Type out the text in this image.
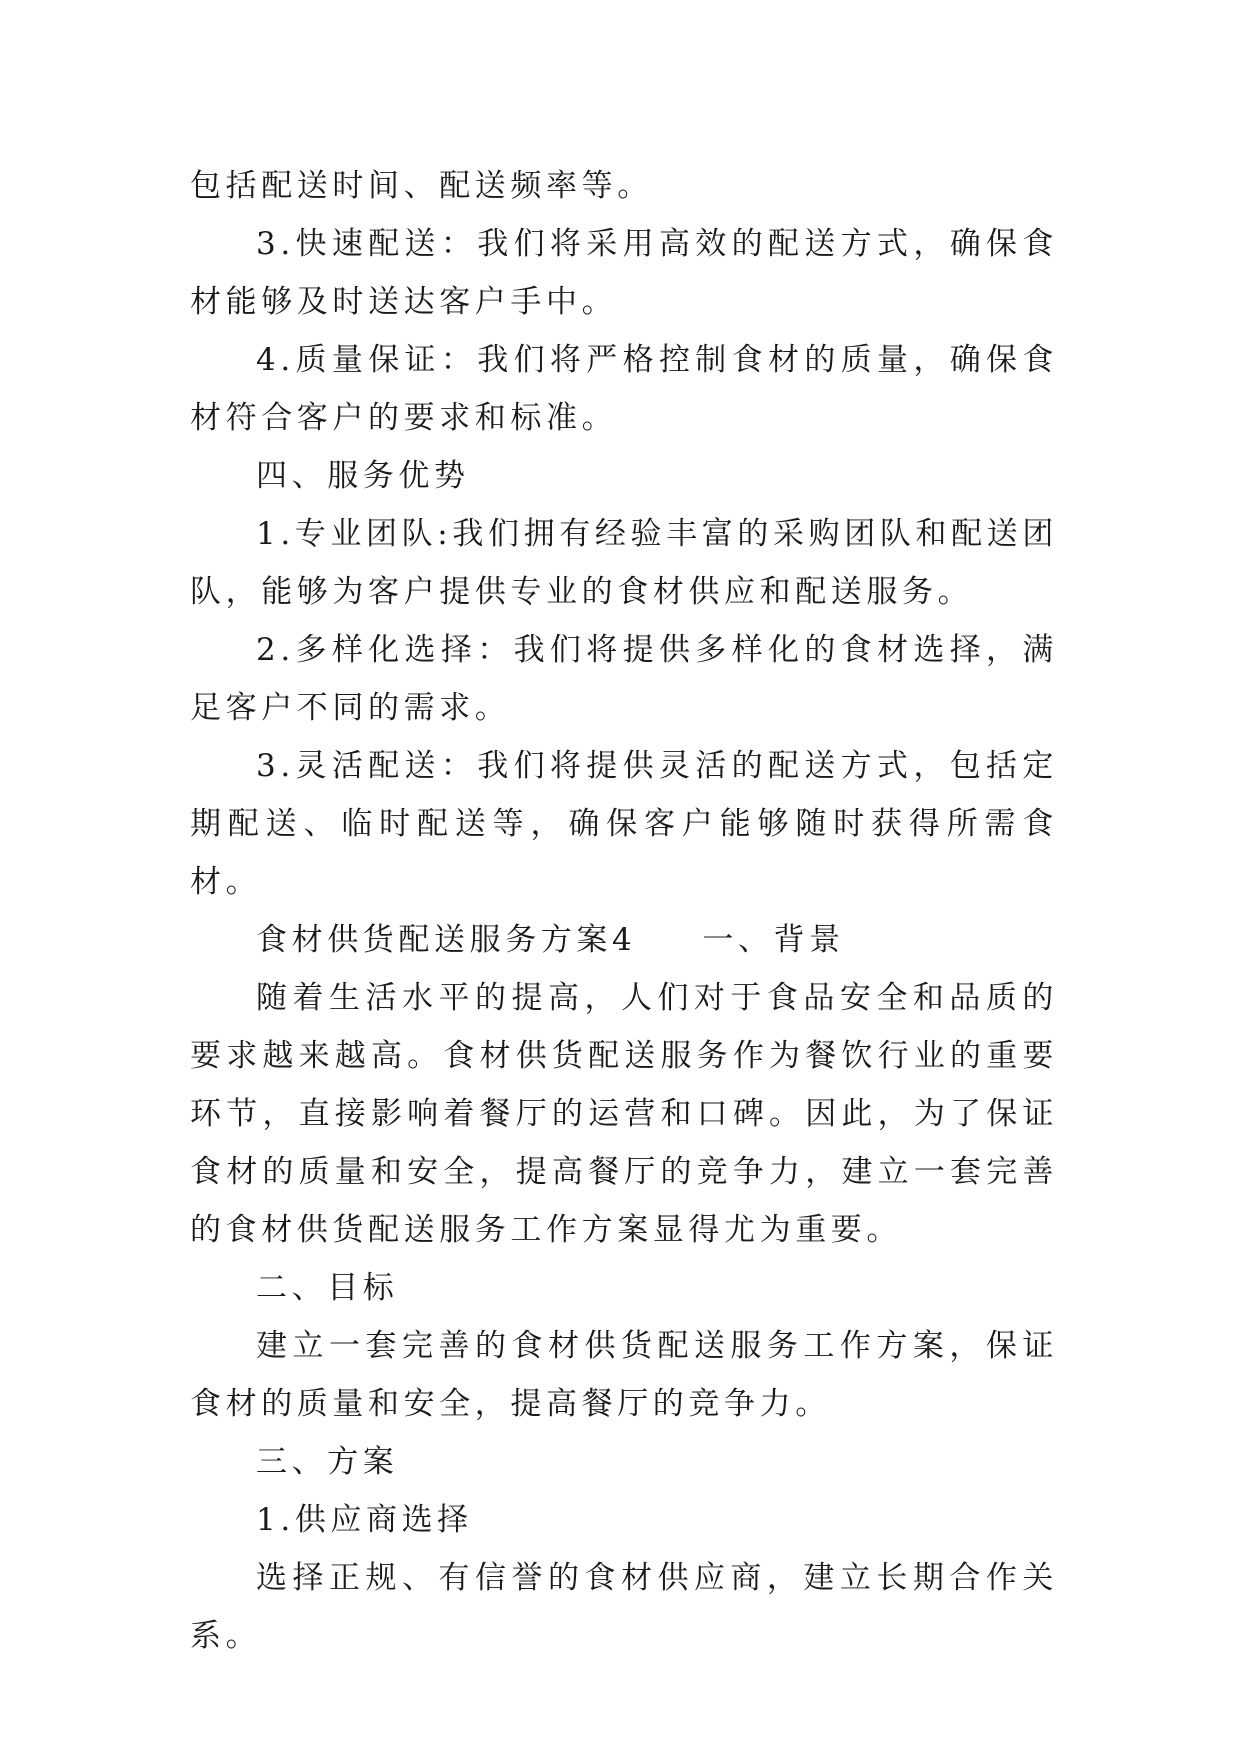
包括配送时间、配送频率等。

3.快速配送：我们将采用高效的配送方式，确保食材能够及时送达客户手中。

4.质量保证：我们将严格控制食材的质量，确保食材符合客户的要求和标准。

四、服务优势

1.专业团队:我们拥有经验丰富的采购团队和配送团队，能够为客户提供专业的食材供应和配送服务。

2.多样化选择：我们将提供多样化的食材选择，满足客户不同的需求。

3.灵活配送：我们将提供灵活的配送方式，包括定期配送、临时配送等，确保客户能够随时获得所需食材。

食材供货配送服务方案4 一、背景

随着生活水平的提高，人们对于食品安全和品质的要求越来越高。食材供货配送服务作为餐饮行业的重要环节，直接影响着餐厅的运营和口碑。因此，为了保证食材的质量和安全，提高餐厅的竞争力，建立一套完善的食材供货配送服务工作方案显得尤为重要。

二、目标

建立一套完善的食材供货配送服务工作方案，保证食材的质量和安全，提高餐厅的竞争力。

三、方案

1.供应商选择

选择正规、有信誉的食材供应商，建立长期合作关系。
